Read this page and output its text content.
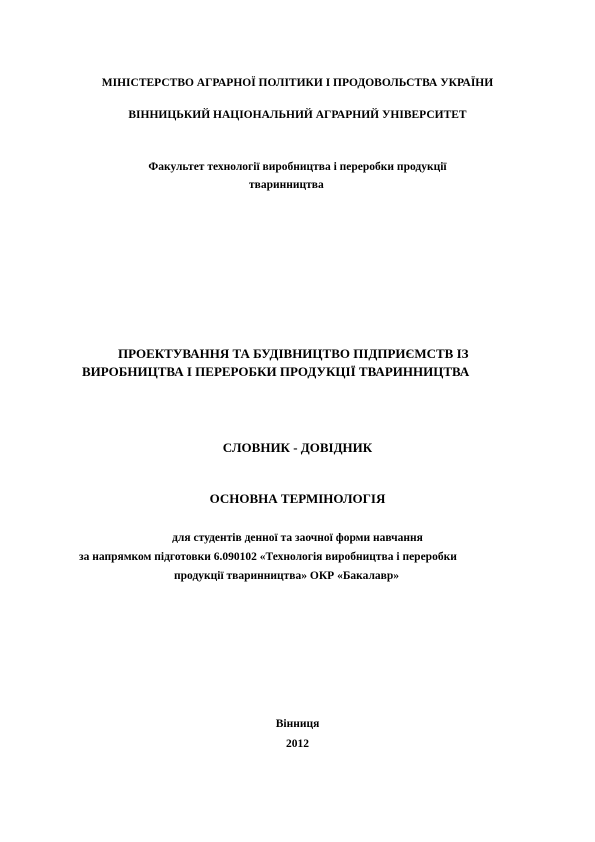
МІНІСТЕРСТВО АГРАРНОЇ ПОЛІТИКИ І ПРОДОВОЛЬСТВА УКРАЇНИ
ВІННИЦЬКИЙ НАЦІОНАЛЬНИЙ АГРАРНИЙ УНІВЕРСИТЕТ
Факультет технології виробництва і переробки продукції
тваринництва
ПРОЕКТУВАННЯ ТА БУДІВНИЦТВО ПІДПРИЄМСТВ ІЗ
ВИРОБНИЦТВА І ПЕРЕРОБКИ ПРОДУКЦІЇ ТВАРИННИЦТВА
СЛОВНИК - ДОВІДНИК
ОСНОВНА ТЕРМІНОЛОГІЯ
для студентів денної та заочної форми навчання
за напрямком підготовки 6.090102 «Технологія виробництва і переробки
продукції тваринництва» ОКР «Бакалавр»
Вінниця
2012
